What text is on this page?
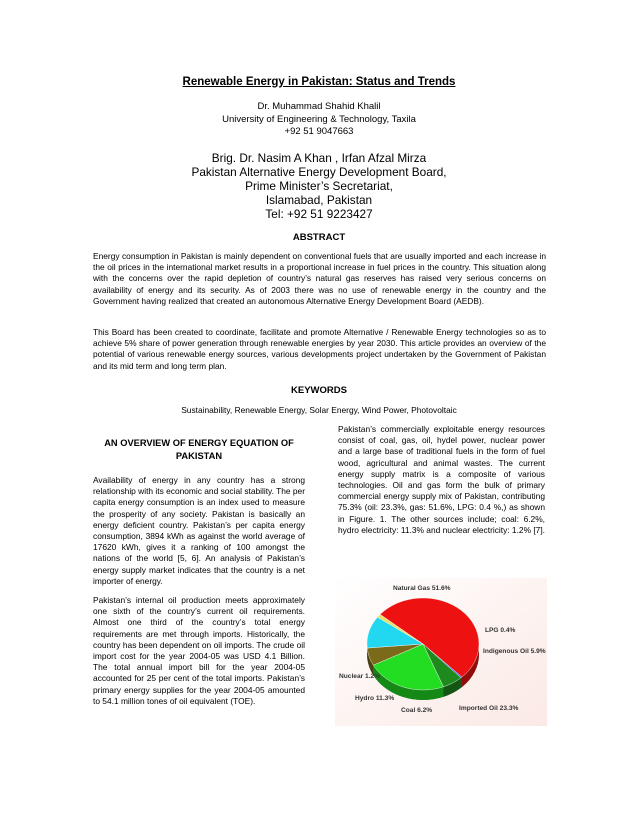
Renewable Energy in Pakistan: Status and Trends
Dr. Muhammad Shahid Khalil
University of Engineering & Technology, Taxila
+92 51 9047663
Brig. Dr. Nasim A Khan , Irfan Afzal Mirza
Pakistan Alternative Energy Development Board,
Prime Minister’s Secretariat,
Islamabad, Pakistan
Tel: +92 51 9223427
ABSTRACT
Energy consumption in Pakistan is mainly dependent on conventional fuels that are usually imported and each increase in the oil prices in the international market results in a proportional increase in fuel prices in the country. This situation along with the concerns over the rapid depletion of country’s natural gas reserves has raised very serious concerns on availability of energy and its security. As of 2003 there was no use of renewable energy in the country and the Government having realized that created an autonomous Alternative Energy Development Board (AEDB).
This Board has been created to coordinate, facilitate and promote Alternative / Renewable Energy technologies so as to achieve 5% share of power generation through renewable energies by year 2030. This article provides an overview of the potential of various renewable energy sources, various developments project undertaken by the Government of Pakistan and its mid term and long term plan.
KEYWORDS
Sustainability, Renewable Energy, Solar Energy, Wind Power, Photovoltaic
AN OVERVIEW OF ENERGY EQUATION OF PAKISTAN

Availability of energy in any country has a strong relationship with its economic and social stability. The per capita energy consumption is an index used to measure the prosperity of any society. Pakistan is basically an energy deficient country. Pakistan’s per capita energy consumption, 3894 kWh as against the world average of 17620 kWh, gives it a ranking of 100 amongst the nations of the world [5, 6]. An analysis of Pakistan’s energy supply market indicates that the country is a net importer of energy.

Pakistan’s internal oil production meets approximately one sixth of the country’s current oil requirements. Almost one third of the country’s total energy requirements are met through imports. Historically, the country has been dependent on oil imports. The crude oil import cost for the year 2004-05 was USD 4.1 Billion. The total annual import bill for the year 2004-05 accounted for 25 per cent of the total imports. Pakistan’s primary energy supplies for the year 2004-05 amounted to 54.1 million tones of oil equivalent (TOE).

Pakistan’s commercially exploitable energy resources consist of coal, gas, oil, hydel power, nuclear power and a large base of traditional fuels in the form of fuel wood, agricultural and animal wastes. The current energy supply matrix is a composite of various technologies. Oil and gas form the bulk of primary commercial energy supply mix of Pakistan, contributing 75.3% (oil: 23.3%, gas: 51.6%, LPG: 0.4 %,) as shown in Figure. 1. The other sources include; coal: 6.2%, hydro electricity: 11.3% and nuclear electricity: 1.2% [7].

Natural Gas 51.6%
LPG 0.4%
Indigenous Oil 5.9%
Imported Oil 23.3%
Coal 6.2%
Hydro 11.3%
Nuclear 1.2%
